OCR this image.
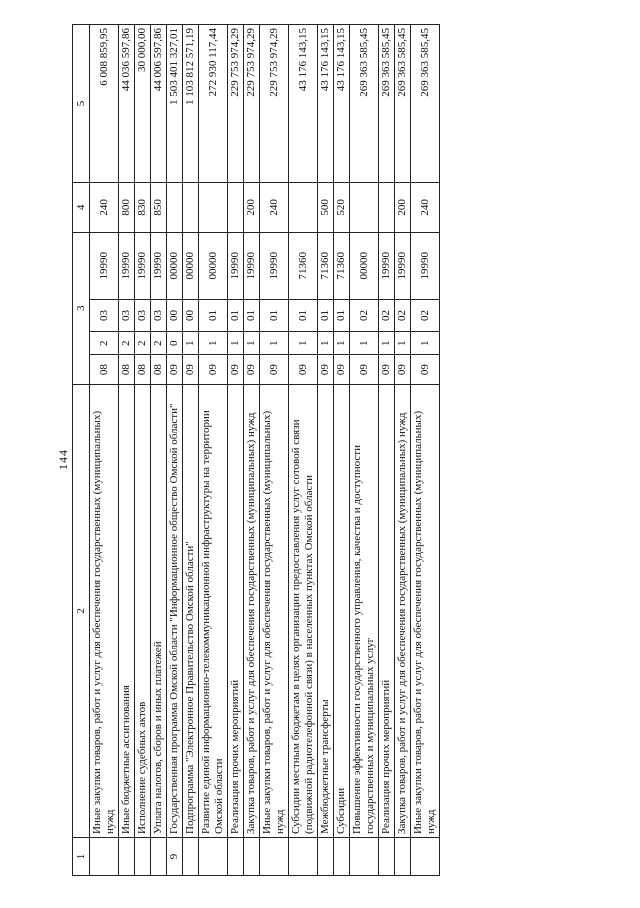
144
1	2	3				4	5
	Иные закупки товаров, работ и услуг для обеспечения государственных (муниципальных) нужд	08	2	03	19990	240	6 008 859,95
	Иные бюджетные ассигнования	08	2	03	19990	800	44 036 597,86
	Исполнение судебных актов	08	2	03	19990	830	30 000,00
	Уплата налогов, сборов и иных платежей	08	2	03	19990	850	44 006 597,86
9	Государственная программа Омской области "Информационное общество Омской области"	09	0	00	00000		1 503 401 327,01
	Подпрограмма "Электронное Правительство Омской области"	09	1	00	00000		1 103 812 571,19
	Развитие единой информационно-телекоммуникационной инфраструктуры на территории Омской области	09	1	01	00000		272 930 117,44
	Реализация прочих мероприятий	09	1	01	19990		229 753 974,29
	Закупка товаров, работ и услуг для обеспечения государственных (муниципальных) нужд	09	1	01	19990	200	229 753 974,29
	Иные закупки товаров, работ и услуг для обеспечения государственных (муниципальных) нужд	09	1	01	19990	240	229 753 974,29
	Субсидии местным бюджетам в целях организации предоставления услуг сотовой связи (подвижной радиотелефонной связи) в населенных пунктах Омской области	09	1	01	71360		43 176 143,15
	Межбюджетные трансферты	09	1	01	71360	500	43 176 143,15
	Субсидии	09	1	01	71360	520	43 176 143,15
	Повышение эффективности государственного управления, качества и доступности государственных и муниципальных услуг	09	1	02	00000		269 363 585,45
	Реализация прочих мероприятий	09	1	02	19990		269 363 585,45
	Закупка товаров, работ и услуг для обеспечения государственных (муниципальных) нужд	09	1	02	19990	200	269 363 585,45
	Иные закупки товаров, работ и услуг для обеспечения государственных (муниципальных) нужд	09	1	02	19990	240	269 363 585,45
